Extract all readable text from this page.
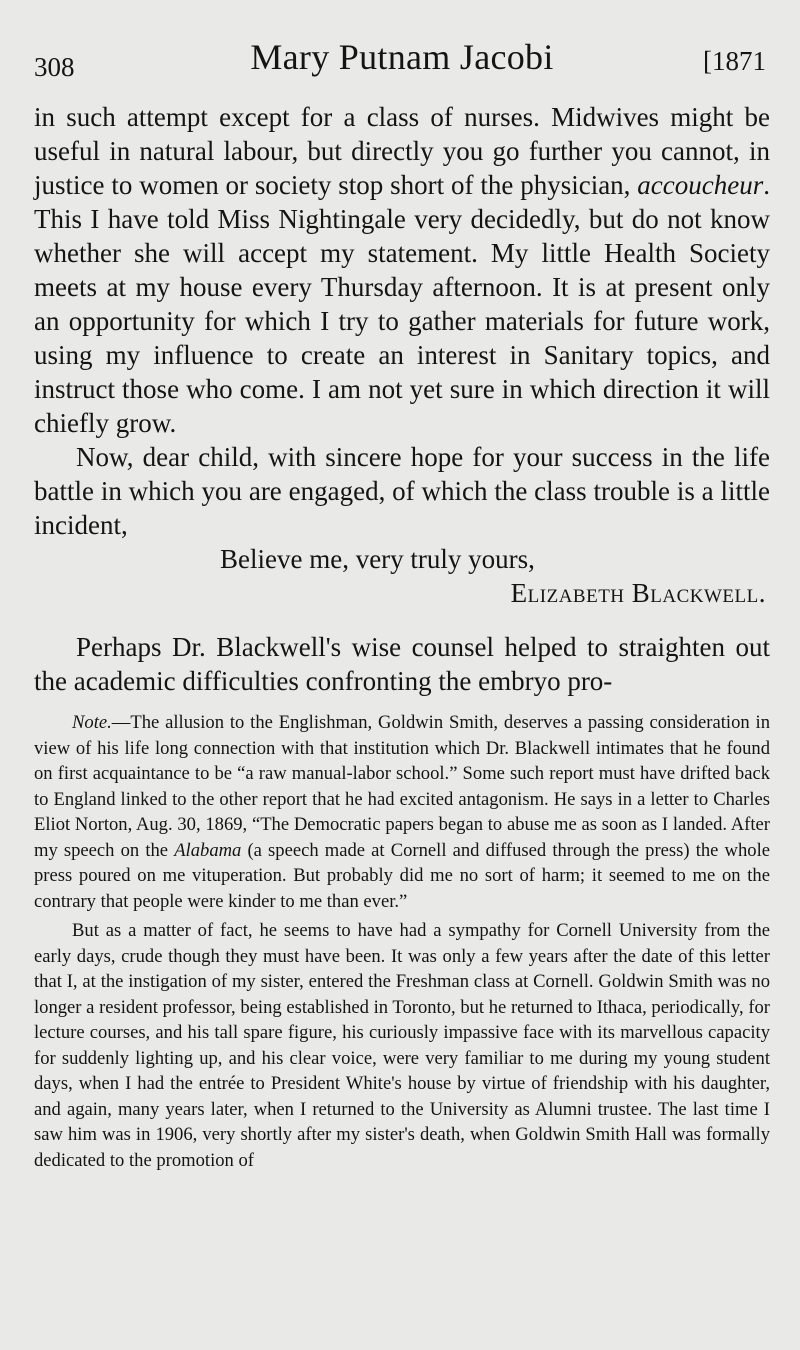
308	Mary Putnam Jacobi	[1871

in such attempt except for a class of nurses. Midwives might be useful in natural labour, but directly you go further you cannot, in justice to women or society stop short of the physician, accoucheur. This I have told Miss Nightingale very decidedly, but do not know whether she will accept my statement. My little Health Society meets at my house every Thursday afternoon. It is at present only an opportunity for which I try to gather materials for future work, using my influence to create an interest in Sanitary topics, and instruct those who come. I am not yet sure in which direction it will chiefly grow.

Now, dear child, with sincere hope for your success in the life battle in which you are engaged, of which the class trouble is a little incident,

Believe me, very truly yours,
Elizabeth Blackwell.

Perhaps Dr. Blackwell's wise counsel helped to straighten out the academic difficulties confronting the embryo pro-

Note.—The allusion to the Englishman, Goldwin Smith, deserves a passing consideration in view of his life long connection with that institution which Dr. Blackwell intimates that he found on first acquaintance to be “a raw manual-labor school.” Some such report must have drifted back to England linked to the other report that he had excited antagonism. He says in a letter to Charles Eliot Norton, Aug. 30, 1869, “The Democratic papers began to abuse me as soon as I landed. After my speech on the Alabama (a speech made at Cornell and diffused through the press) the whole press poured on me vituperation. But probably did me no sort of harm; it seemed to me on the contrary that people were kinder to me than ever.”

But as a matter of fact, he seems to have had a sympathy for Cornell University from the early days, crude though they must have been. It was only a few years after the date of this letter that I, at the instigation of my sister, entered the Freshman class at Cornell. Goldwin Smith was no longer a resident professor, being established in Toronto, but he returned to Ithaca, periodically, for lecture courses, and his tall spare figure, his curiously impassive face with its marvellous capacity for suddenly lighting up, and his clear voice, were very familiar to me during my young student days, when I had the entrée to President White's house by virtue of friendship with his daughter, and again, many years later, when I returned to the University as Alumni trustee. The last time I saw him was in 1906, very shortly after my sister's death, when Goldwin Smith Hall was formally dedicated to the promotion of
